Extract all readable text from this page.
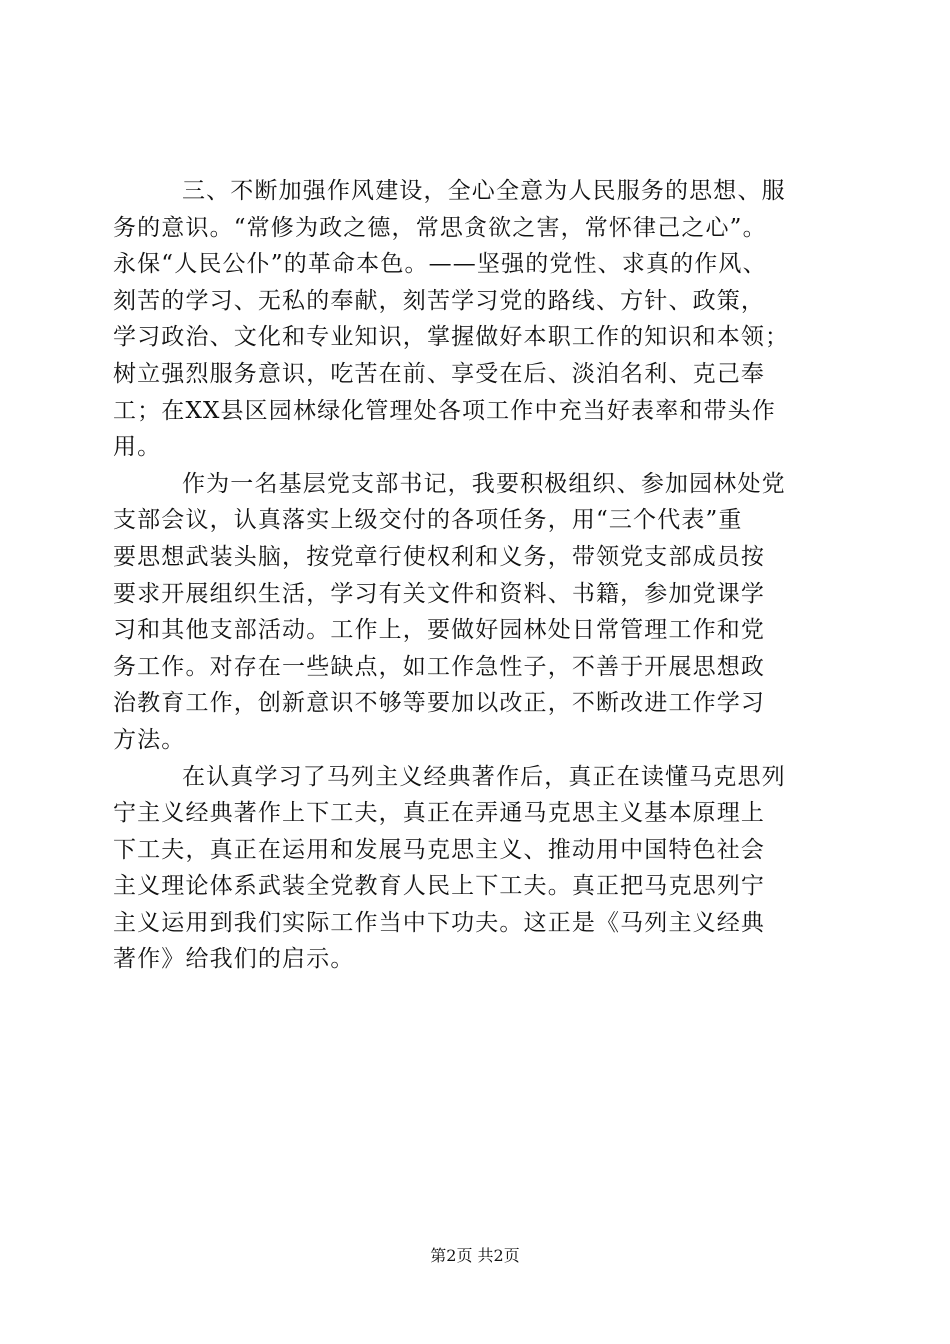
三、不断加强作风建设，全心全意为人民服务的思想、服
务的意识。“常修为政之德，常思贪欲之害，常怀律己之心”。
永保“人民公仆”的革命本色。——坚强的党性、求真的作风、
刻苦的学习、无私的奉献，刻苦学习党的路线、方针、政策，
学习政治、文化和专业知识，掌握做好本职工作的知识和本领；
树立强烈服务意识，吃苦在前、享受在后、淡泊名利、克己奉
工；在XX县区园林绿化管理处各项工作中充当好表率和带头作
用。
作为一名基层党支部书记，我要积极组织、参加园林处党
支部会议，认真落实上级交付的各项任务，用“三个代表”重
要思想武装头脑，按党章行使权利和义务，带领党支部成员按
要求开展组织生活，学习有关文件和资料、书籍，参加党课学
习和其他支部活动。工作上，要做好园林处日常管理工作和党
务工作。对存在一些缺点，如工作急性子，不善于开展思想政
治教育工作，创新意识不够等要加以改正，不断改进工作学习
方法。
在认真学习了马列主义经典著作后，真正在读懂马克思列
宁主义经典著作上下工夫，真正在弄通马克思主义基本原理上
下工夫，真正在运用和发展马克思主义、推动用中国特色社会
主义理论体系武装全党教育人民上下工夫。真正把马克思列宁
主义运用到我们实际工作当中下功夫。这正是《马列主义经典
著作》给我们的启示。
第2页 共2页
